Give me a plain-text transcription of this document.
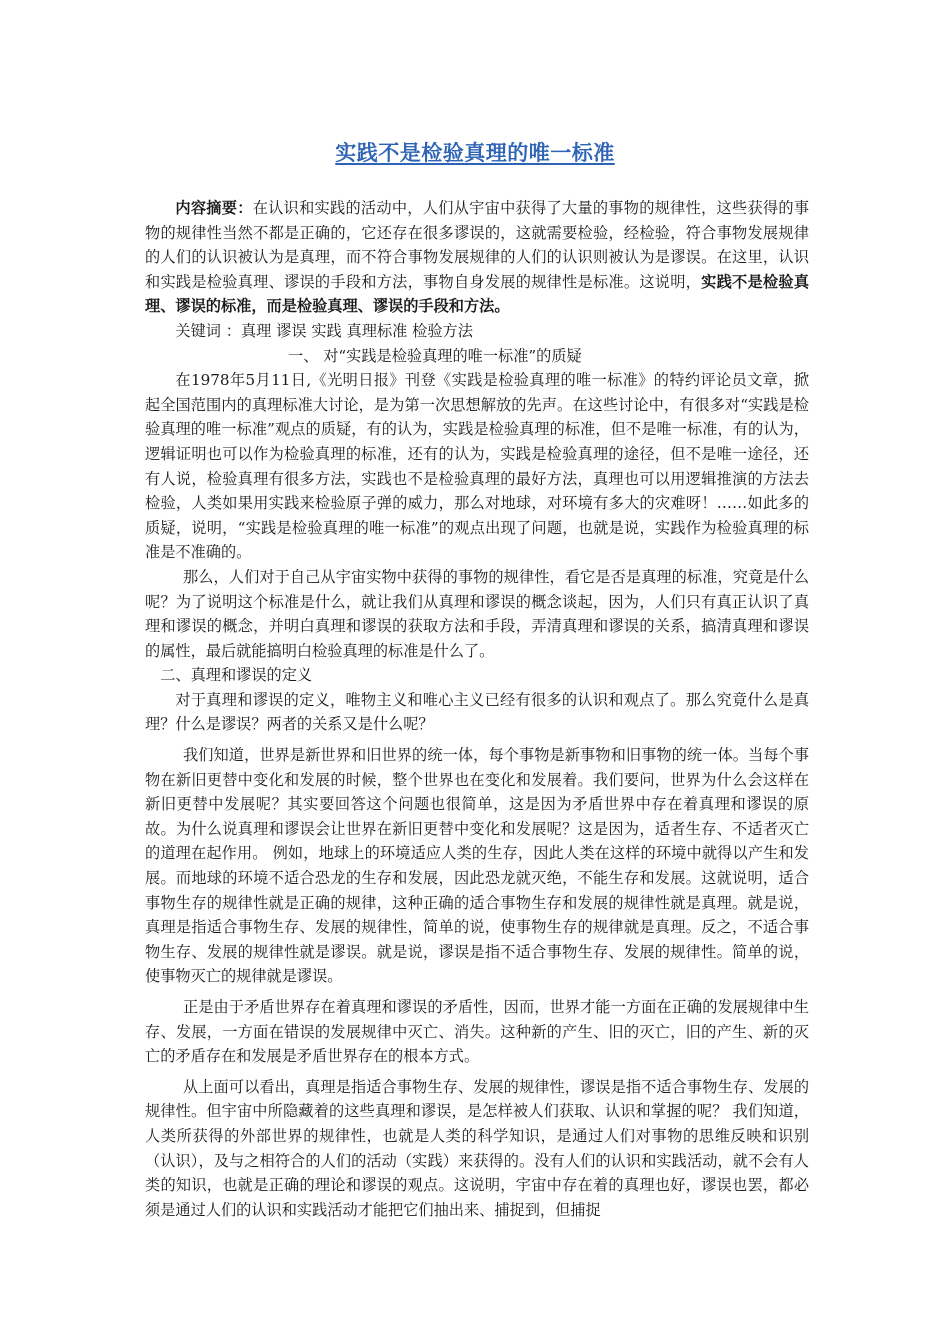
实践不是检验真理的唯一标准

内容摘要：在认识和实践的活动中，人们从宇宙中获得了大量的事物的规律性，这些获得的事物的规律性当然不都是正确的，它还存在很多谬误的，这就需要检验，经检验，符合事物发展规律的人们的认识被认为是真理，而不符合事物发展规律的人们的认识则被认为是谬误。在这里，认识和实践是检验真理、谬误的手段和方法，事物自身发展的规律性是标准。这说明，实践不是检验真理、谬误的标准，而是检验真理、谬误的手段和方法。

关键词 ：真理 谬误 实践 真理标准 检验方法

一、 对“实践是检验真理的唯一标准”的质疑

在1978年5月11日,《光明日报》刊登《实践是检验真理的唯一标准》的特约评论员文章，掀起全国范围内的真理标准大讨论，是为第一次思想解放的先声。在这些讨论中，有很多对“实践是检验真理的唯一标准”观点的质疑，有的认为，实践是检验真理的标准，但不是唯一标准，有的认为，逻辑证明也可以作为检验真理的标准，还有的认为，实践是检验真理的途径，但不是唯一途径，还有人说，检验真理有很多方法，实践也不是检验真理的最好方法，真理也可以用逻辑推演的方法去检验，人类如果用实践来检验原子弹的威力，那么对地球，对环境有多大的灾难呀！……如此多的质疑，说明，“实践是检验真理的唯一标准”的观点出现了问题，也就是说，实践作为检验真理的标准是不准确的。

那么，人们对于自己从宇宙实物中获得的事物的规律性，看它是否是真理的标准，究竟是什么呢？为了说明这个标准是什么，就让我们从真理和谬误的概念谈起，因为，人们只有真正认识了真理和谬误的概念，并明白真理和谬误的获取方法和手段，弄清真理和谬误的关系，搞清真理和谬误的属性，最后就能搞明白检验真理的标准是什么了。

二、真理和谬误的定义

对于真理和谬误的定义，唯物主义和唯心主义已经有很多的认识和观点了。那么究竟什么是真理？什么是谬误？两者的关系又是什么呢？

我们知道，世界是新世界和旧世界的统一体，每个事物是新事物和旧事物的统一体。当每个事物在新旧更替中变化和发展的时候，整个世界也在变化和发展着。我们要问，世界为什么会这样在新旧更替中发展呢？其实要回答这个问题也很简单，这是因为矛盾世界中存在着真理和谬误的原故。为什么说真理和谬误会让世界在新旧更替中变化和发展呢？这是因为，适者生存、不适者灭亡的道理在起作用。 例如，地球上的环境适应人类的生存，因此人类在这样的环境中就得以产生和发展。而地球的环境不适合恐龙的生存和发展，因此恐龙就灭绝，不能生存和发展。这就说明，适合事物生存的规律性就是正确的规律，这种正确的适合事物生存和发展的规律性就是真理。就是说，真理是指适合事物生存、发展的规律性，简单的说，使事物生存的规律就是真理。反之，不适合事物生存、发展的规律性就是谬误。就是说，谬误是指不适合事物生存、发展的规律性。简单的说，使事物灭亡的规律就是谬误。

正是由于矛盾世界存在着真理和谬误的矛盾性，因而，世界才能一方面在正确的发展规律中生存、发展，一方面在错误的发展规律中灭亡、消失。这种新的产生、旧的灭亡，旧的产生、新的灭亡的矛盾存在和发展是矛盾世界存在的根本方式。

从上面可以看出，真理是指适合事物生存、发展的规律性，谬误是指不适合事物生存、发展的规律性。但宇宙中所隐藏着的这些真理和谬误，是怎样被人们获取、认识和掌握的呢？ 我们知道，人类所获得的外部世界的规律性，也就是人类的科学知识，是通过人们对事物的思维反映和识别（认识），及与之相符合的人们的活动（实践）来获得的。没有人们的认识和实践活动，就不会有人类的知识，也就是正确的理论和谬误的观点。这说明，宇宙中存在着的真理也好，谬误也罢，都必须是通过人们的认识和实践活动才能把它们抽出来、捕捉到，但捕捉
